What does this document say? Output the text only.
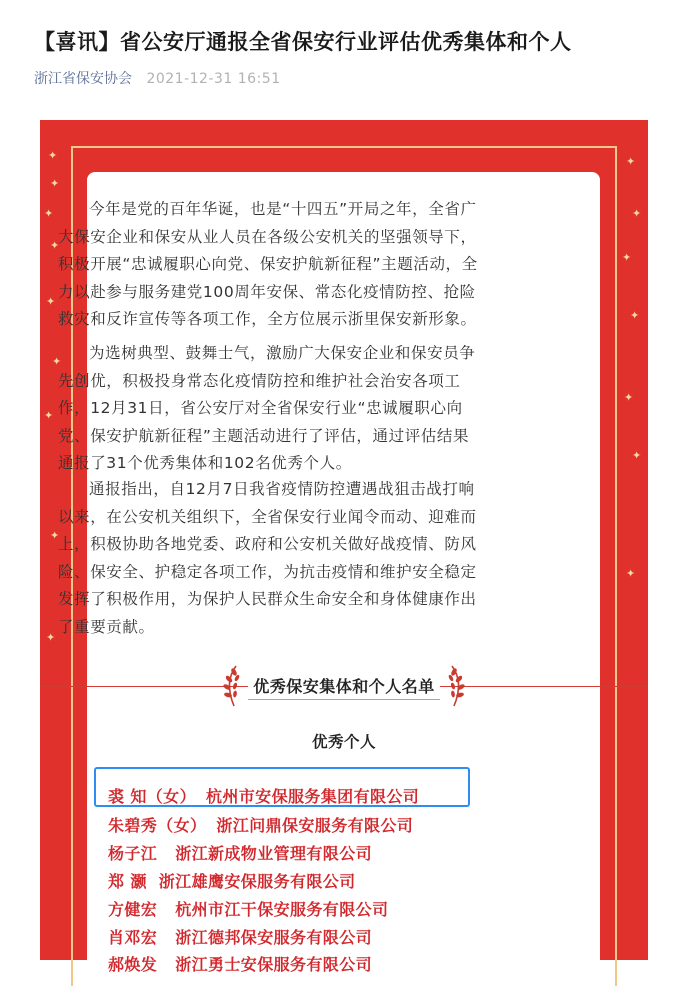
【喜讯】省公安厅通报全省保安行业评估优秀集体和个人
浙江省保安协会 2021-12-31 16:51
✦
✦
✦
✦
✦
✦
✦
✦
✦
✦
✦
✦
✦
✦
✦
✦
今年是党的百年华诞，也是“十四五”开局之年，全省广
大保安企业和保安从业人员在各级公安机关的坚强领导下，
积极开展“忠诚履职心向党、保安护航新征程”主题活动，全
力以赴参与服务建党100周年安保、常态化疫情防控、抢险
救灾和反诈宣传等各项工作，全方位展示浙里保安新形象。
为选树典型、鼓舞士气，激励广大保安企业和保安员争
先创优，积极投身常态化疫情防控和维护社会治安各项工
作，12月31日，省公安厅对全省保安行业“忠诚履职心向
党、保安护航新征程”主题活动进行了评估，通过评估结果
通报了31个优秀集体和102名优秀个人。
通报指出，自12月7日我省疫情防控遭遇战狙击战打响
以来，在公安机关组织下，全省保安行业闻令而动、迎难而
上，积极协助各地党委、政府和公安机关做好战疫情、防风
险、保安全、护稳定各项工作，为抗击疫情和维护安全稳定
发挥了积极作用，为保护人民群众生命安全和身体健康作出
了重要贡献。
优秀保安集体和个人名单
优秀个人
裘 知（女） 杭州市安保服务集团有限公司
朱碧秀（女） 浙江问鼎保安服务有限公司
杨子江 浙江新成物业管理有限公司
郑 灏 浙江雄鹰安保服务有限公司
方健宏 杭州市江干保安服务有限公司
肖邓宏 浙江德邦保安服务有限公司
郝焕发 浙江勇士安保服务有限公司
